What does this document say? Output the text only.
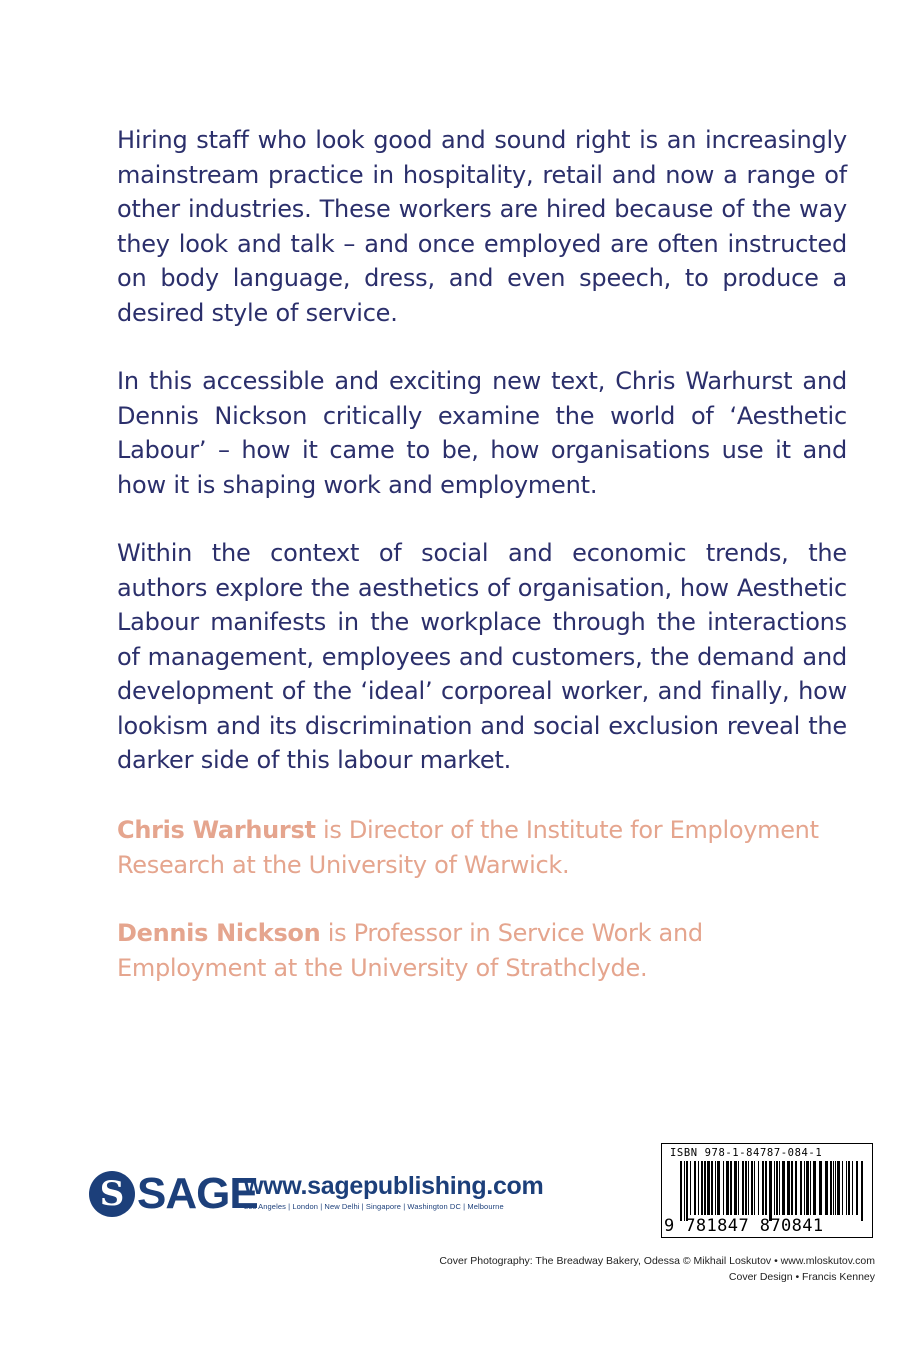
Hiring staff who look good and sound right is an increasingly mainstream practice in hospitality, retail and now a range of other industries. These workers are hired because of the way they look and talk – and once employed are often instructed on body language, dress, and even speech, to produce a desired style of service.

In this accessible and exciting new text, Chris Warhurst and Dennis Nickson critically examine the world of ‘Aesthetic Labour’ – how it came to be, how organisations use it and how it is shaping work and employment.

Within the context of social and economic trends, the authors explore the aesthetics of organisation, how Aesthetic Labour manifests in the workplace through the interactions of management, employees and customers, the demand and development of the ‘ideal’ corporeal worker, and finally, how lookism and its discrimination and social exclusion reveal the darker side of this labour market.

Chris Warhurst is Director of the Institute for Employment Research at the University of Warwick.

Dennis Nickson is Professor in Service Work and Employment at the University of Strathclyde.

S SAGE
www.sagepublishing.com
Los Angeles | London | New Delhi | Singapore | Washington DC | Melbourne
ISBN 978-1-84787-084-1
9 781847 870841

Cover Photography: The Breadway Bakery, Odessa © Mikhail Loskutov • www.mloskutov.com

Cover Design • Francis Kenney
